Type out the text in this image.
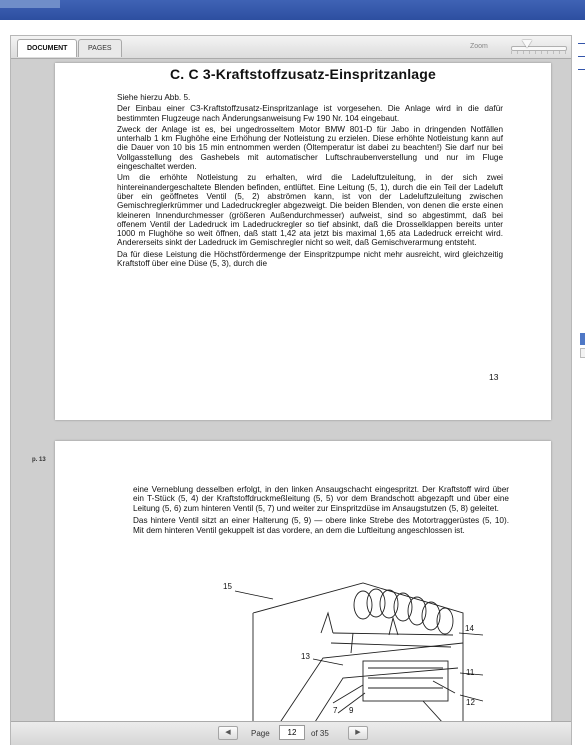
DOCUMENT	PAGES	Zoom
C. C 3-Kraftstoffzusatz-Einspritzanlage

Siehe hierzu Abb. 5.

Der Einbau einer C3-Kraftstoffzusatz-Einspritzanlage ist vorgesehen. Die Anlage wird in die dafür bestimmten Flugzeuge nach Änderungsanweisung Fw 190 Nr. 104 eingebaut.

Zweck der Anlage ist es, bei ungedrosseltem Motor BMW 801-D für Jabo in dringenden Notfällen unterhalb 1 km Flughöhe eine Erhöhung der Notleistung zu erzielen. Diese erhöhte Notleistung kann auf die Dauer von 10 bis 15 min entnommen werden (Öltemperatur ist dabei zu beachten!) Sie darf nur bei Vollgasstellung des Gashebels mit automatischer Luftschraubenverstellung und nur im Fluge eingeschaltet werden.

Um die erhöhte Notleistung zu erhalten, wird die Ladeluftzuleitung, in der sich zwei hintereinandergeschaltete Blenden befinden, entlüftet. Eine Leitung (5, 1), durch die ein Teil der Ladeluft über ein geöffnetes Ventil (5, 2) abströmen kann, ist von der Ladeluftzuleitung zwischen Gemischreglerkrümmer und Ladedruckregler abgezweigt. Die beiden Blenden, von denen die erste einen kleineren Innendurchmesser (größeren Außendurchmesser) aufweist, sind so abgestimmt, daß bei offenem Ventil der Ladedruck im Ladedruckregler so tief absinkt, daß die Drosselklappen bereits unter 1000 m Flughöhe so weit öffnen, daß statt 1,42 ata jetzt bis maximal 1,65 ata Ladedruck erreicht wird. Andererseits sinkt der Ladedruck im Gemischregler nicht so weit, daß Gemischverarmung entsteht.

Da für diese Leistung die Höchstfördermenge der Einspritzpumpe nicht mehr ausreicht, wird gleichzeitig Kraftstoff über eine Düse (5, 3), durch die

13
p. 13

eine Verneblung desselben erfolgt, in den linken Ansaugschacht eingespritzt. Der Kraftstoff wird über ein T-Stück (5, 4) der Kraftstoffdruckmeßleitung (5, 5) vor dem Brandschott abgezapft und über eine Leitung (5, 6) zum hinteren Ventil (5, 7) und weiter zur Einspritzdüse im Ansaugstutzen (5, 8) geleitet.

Das hintere Ventil sitzt an einer Halterung (5, 9) — obere linke Strebe des Motortraggerüstes (5, 10). Mit dem hinteren Ventil gekuppelt ist das vordere, an dem die Luftleitung angeschlossen ist.

15
14
13
11
7 9
12
◀	Page
12	of 35	▶
